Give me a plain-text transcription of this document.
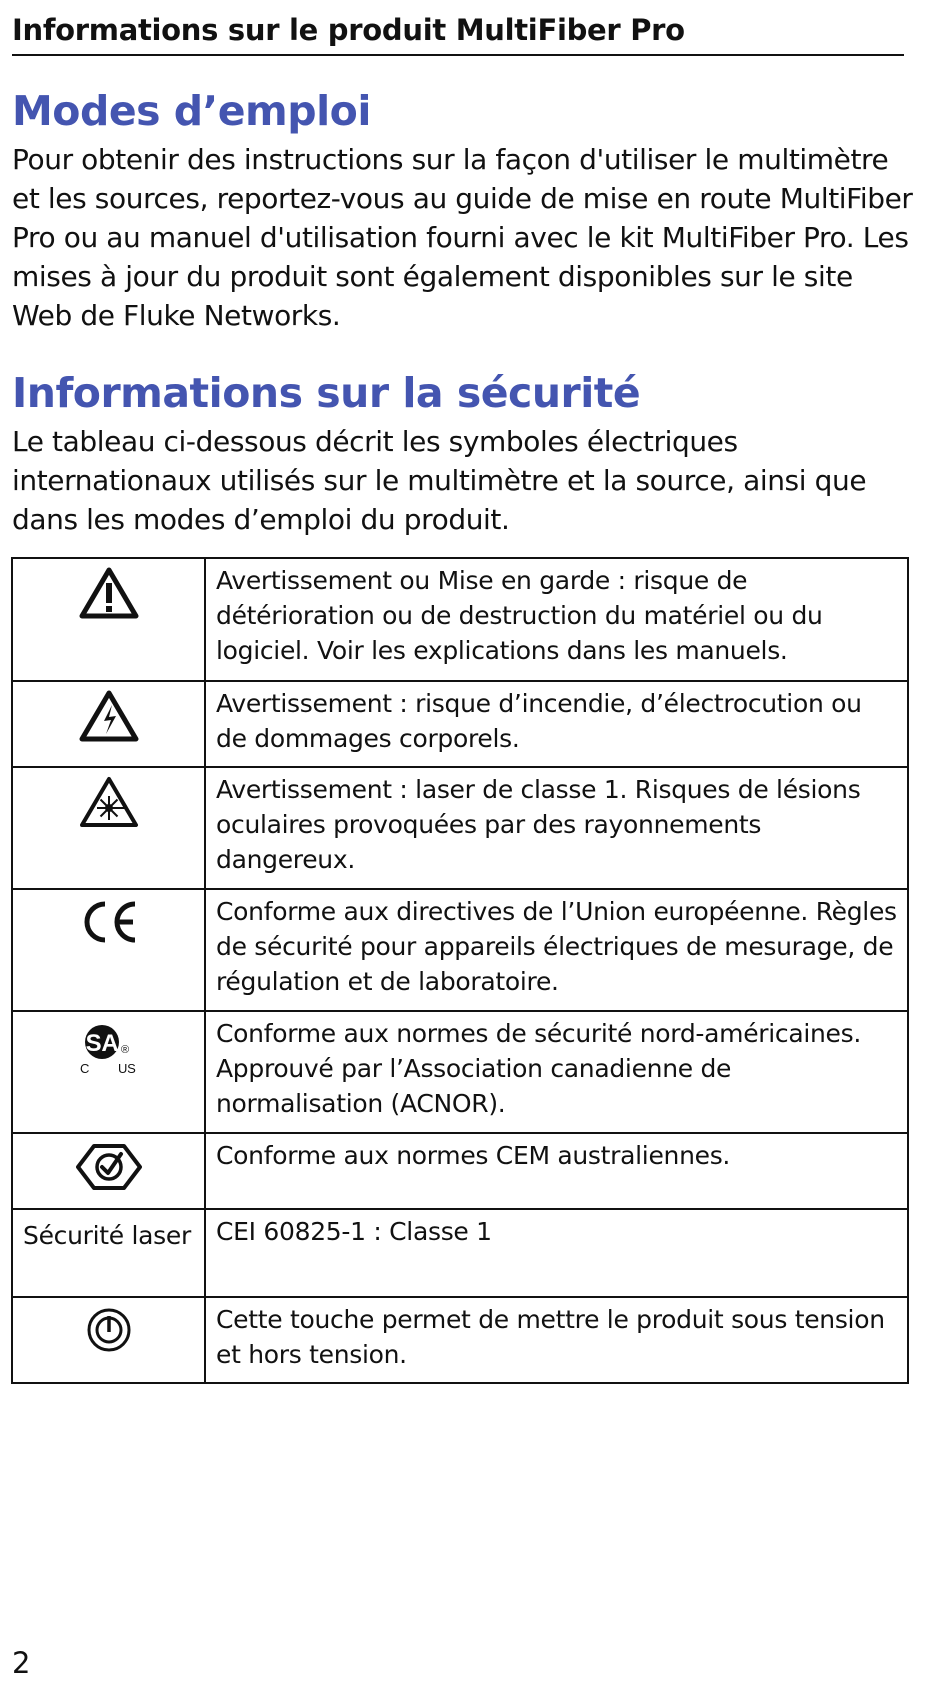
Informations sur le produit MultiFiber Pro
Modes d’emploi

Pour obtenir des instructions sur la façon d'utiliser le multimètre et les sources, reportez-vous au guide de mise en route MultiFiber Pro ou au manuel d'utilisation fourni avec le kit MultiFiber Pro. Les mises à jour du produit sont également disponibles sur le site Web de Fluke Networks.

Informations sur la sécurité

Le tableau ci-dessous décrit les symboles électriques internationaux utilisés sur le multimètre et la source, ainsi que dans les modes d’emploi du produit.

	Avertissement ou Mise en garde : risque de détérioration ou de destruction du matériel ou du logiciel. Voir les explications dans les manuels.
	Avertissement : risque d’incendie, d’électrocution ou de dommages corporels.
	Avertissement : laser de classe 1. Risques de lésions oculaires provoquées par des rayonnements dangereux.
	Conforme aux directives de l’Union européenne. Règles de sécurité pour appareils électriques de mesurage, de régulation et de laboratoire.

SA
C US
®	Conforme aux normes de sécurité nord-américaines. Approuvé par l’Association canadienne de normalisation (ACNOR).
	Conforme aux normes CEM australiennes.
Sécurité laser	CEI 60825-1 : Classe 1
	Cette touche permet de mettre le produit sous tension et hors tension.
2
